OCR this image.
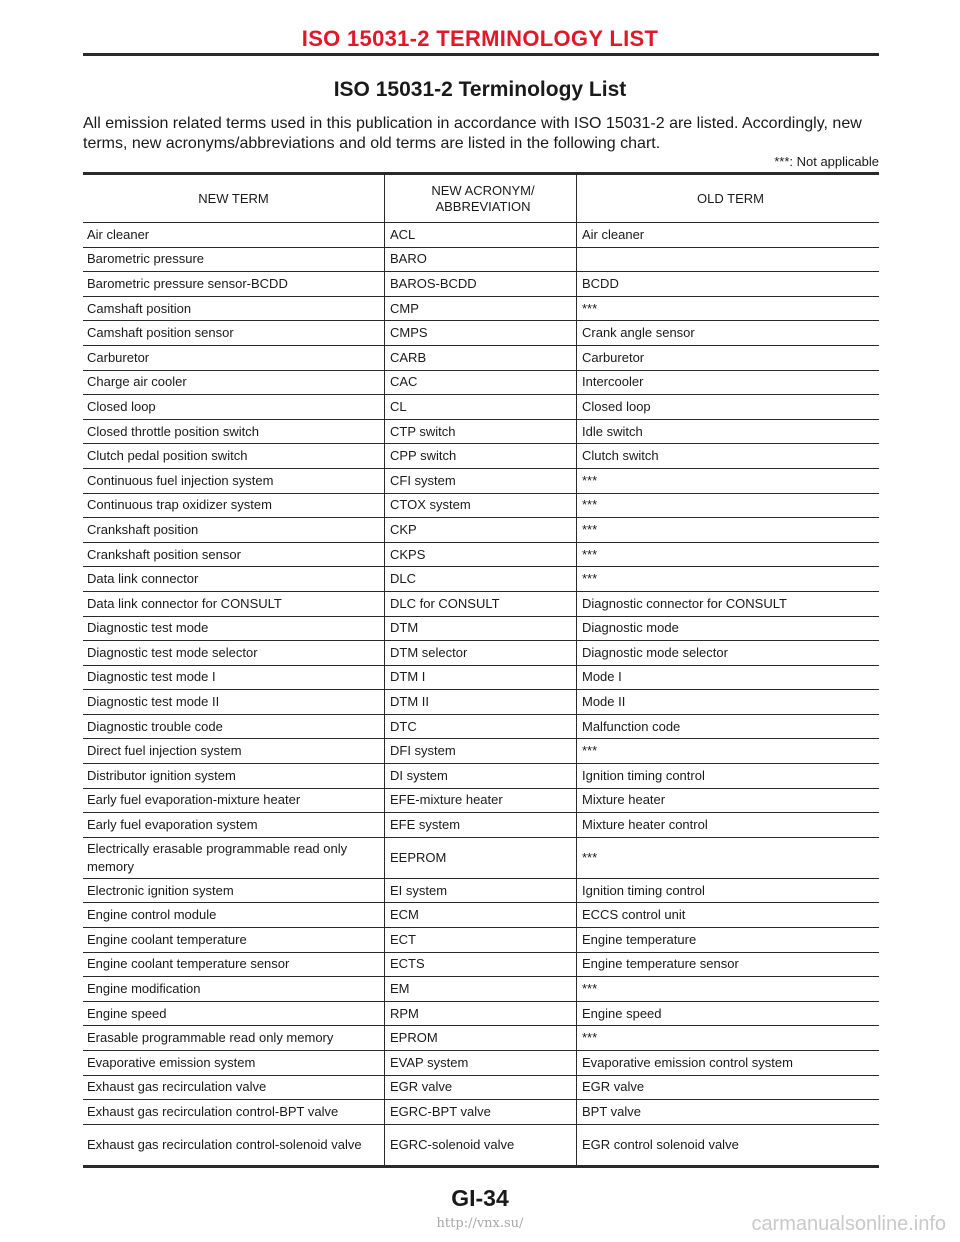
ISO 15031-2 TERMINOLOGY LIST
ISO 15031-2 Terminology List
All emission related terms used in this publication in accordance with ISO 15031-2 are listed. Accordingly, new terms, new acronyms/abbreviations and old terms are listed in the following chart.
***: Not applicable
NEW TERM	NEW ACRONYM/
ABBREVIATION	OLD TERM
Air cleaner	ACL	Air cleaner
Barometric pressure	BARO	
Barometric pressure sensor-BCDD	BAROS-BCDD	BCDD
Camshaft position	CMP	***
Camshaft position sensor	CMPS	Crank angle sensor
Carburetor	CARB	Carburetor
Charge air cooler	CAC	Intercooler
Closed loop	CL	Closed loop
Closed throttle position switch	CTP switch	Idle switch
Clutch pedal position switch	CPP switch	Clutch switch
Continuous fuel injection system	CFI system	***
Continuous trap oxidizer system	CTOX system	***
Crankshaft position	CKP	***
Crankshaft position sensor	CKPS	***
Data link connector	DLC	***
Data link connector for CONSULT	DLC for CONSULT	Diagnostic connector for CONSULT
Diagnostic test mode	DTM	Diagnostic mode
Diagnostic test mode selector	DTM selector	Diagnostic mode selector
Diagnostic test mode I	DTM I	Mode I
Diagnostic test mode II	DTM II	Mode II
Diagnostic trouble code	DTC	Malfunction code
Direct fuel injection system	DFI system	***
Distributor ignition system	DI system	Ignition timing control
Early fuel evaporation-mixture heater	EFE-mixture heater	Mixture heater
Early fuel evaporation system	EFE system	Mixture heater control
Electrically erasable programmable read only memory	EEPROM	***
Electronic ignition system	EI system	Ignition timing control
Engine control module	ECM	ECCS control unit
Engine coolant temperature	ECT	Engine temperature
Engine coolant temperature sensor	ECTS	Engine temperature sensor
Engine modification	EM	***
Engine speed	RPM	Engine speed
Erasable programmable read only memory	EPROM	***
Evaporative emission system	EVAP system	Evaporative emission control system
Exhaust gas recirculation valve	EGR valve	EGR valve
Exhaust gas recirculation control-BPT valve	EGRC-BPT valve	BPT valve
Exhaust gas recirculation control-solenoid valve	EGRC-solenoid valve	EGR control solenoid valve
GI-34
http://vnx.su/	carmanualsonline.info
